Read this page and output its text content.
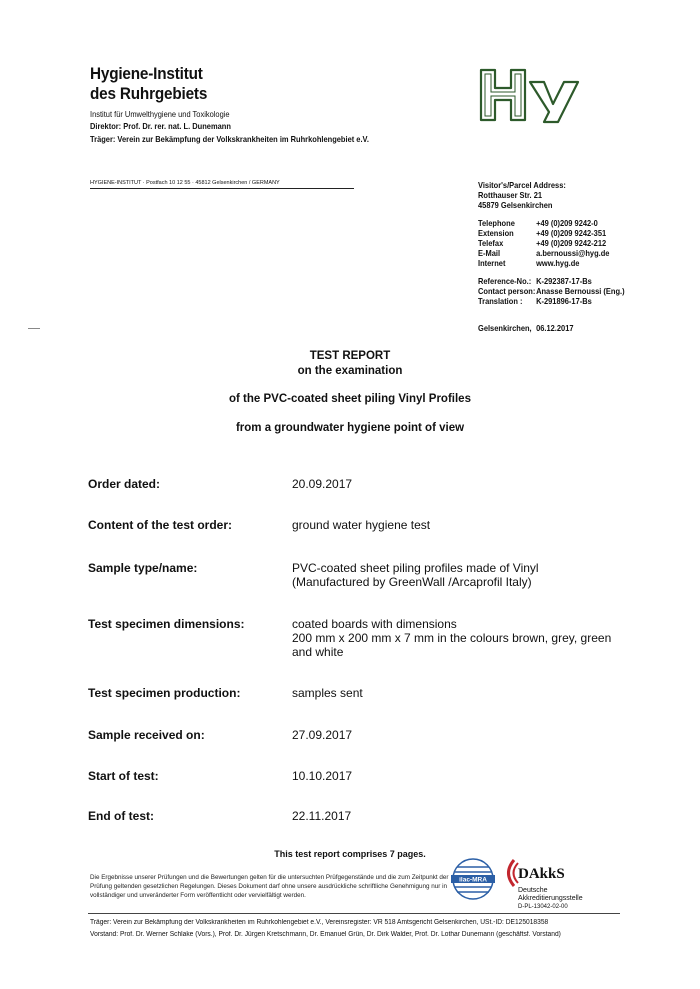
Hygiene-Institut
des Ruhrgebiets
Institut für Umwelthygiene und Toxikologie
Direktor: Prof. Dr. rer. nat. L. Dunemann
Träger: Verein zur Bekämpfung der Volkskrankheiten im Ruhrkohlengebiet e.V.
HYGIENE-INSTITUT · Postfach 10 12 55 · 45812 Gelsenkirchen / GERMANY	Visitor's/Parcel Address:
Rotthauser Str. 21
45879 Gelsenkirchen
Telephone +49 (0)209 9242-0
Extension	+49 (0)209 9242-351
Telefax	+49 (0)209 9242-212
E-Mail	a.bernoussi@hyg.de
Internet	www.hyg.de
Reference-No.: K-292387-17-Bs
Contact person:Anasse Bernoussi (Eng.)
Translation : K-291896-17-Bs
Gelsenkirchen, 06.12.2017
TEST REPORT
on the examination
of the PVC-coated sheet piling Vinyl Profiles
from a groundwater hygiene point of view
Order dated:	20.09.2017
Content of the test order:	ground water hygiene test
Sample type/name:	PVC-coated sheet piling profiles made of Vinyl
(Manufactured by GreenWall /Arcaprofil Italy)
Test specimen dimensions:	coated boards with dimensions
200 mm x 200 mm x 7 mm in the colours brown, grey, green
and white
Test specimen production:	samples sent
Sample received on:	27.09.2017
Start of test:	10.10.2017
End of test:	22.11.2017
This test report comprises 7 pages.
Die Ergebnisse unserer Prüfungen und die Bewertungen gelten für die untersuchten Prüfgegenstände und die zum Zeitpunkt der Prüfung geltenden gesetzlichen Regelungen. Dieses Dokument darf ohne unsere ausdrückliche schriftliche Genehmigung nur in vollständiger und unveränderter Form veröffentlicht oder vervielfältigt werden.
ilac-MRA DAkkS
Deutsche
Akkreditierungsstelle
D-PL-13042-02-00
Träger: Verein zur Bekämpfung der Volkskrankheiten im Ruhrkohlengebiet e.V., Vereinsregister: VR 518 Amtsgericht Gelsenkirchen, USt.-ID: DE125018358
Vorstand: Prof. Dr. Werner Schlake (Vors.), Prof. Dr. Jürgen Kretschmann, Dr. Emanuel Grün, Dr. Dirk Walder, Prof. Dr. Lothar Dunemann (geschäftsf. Vorstand)
